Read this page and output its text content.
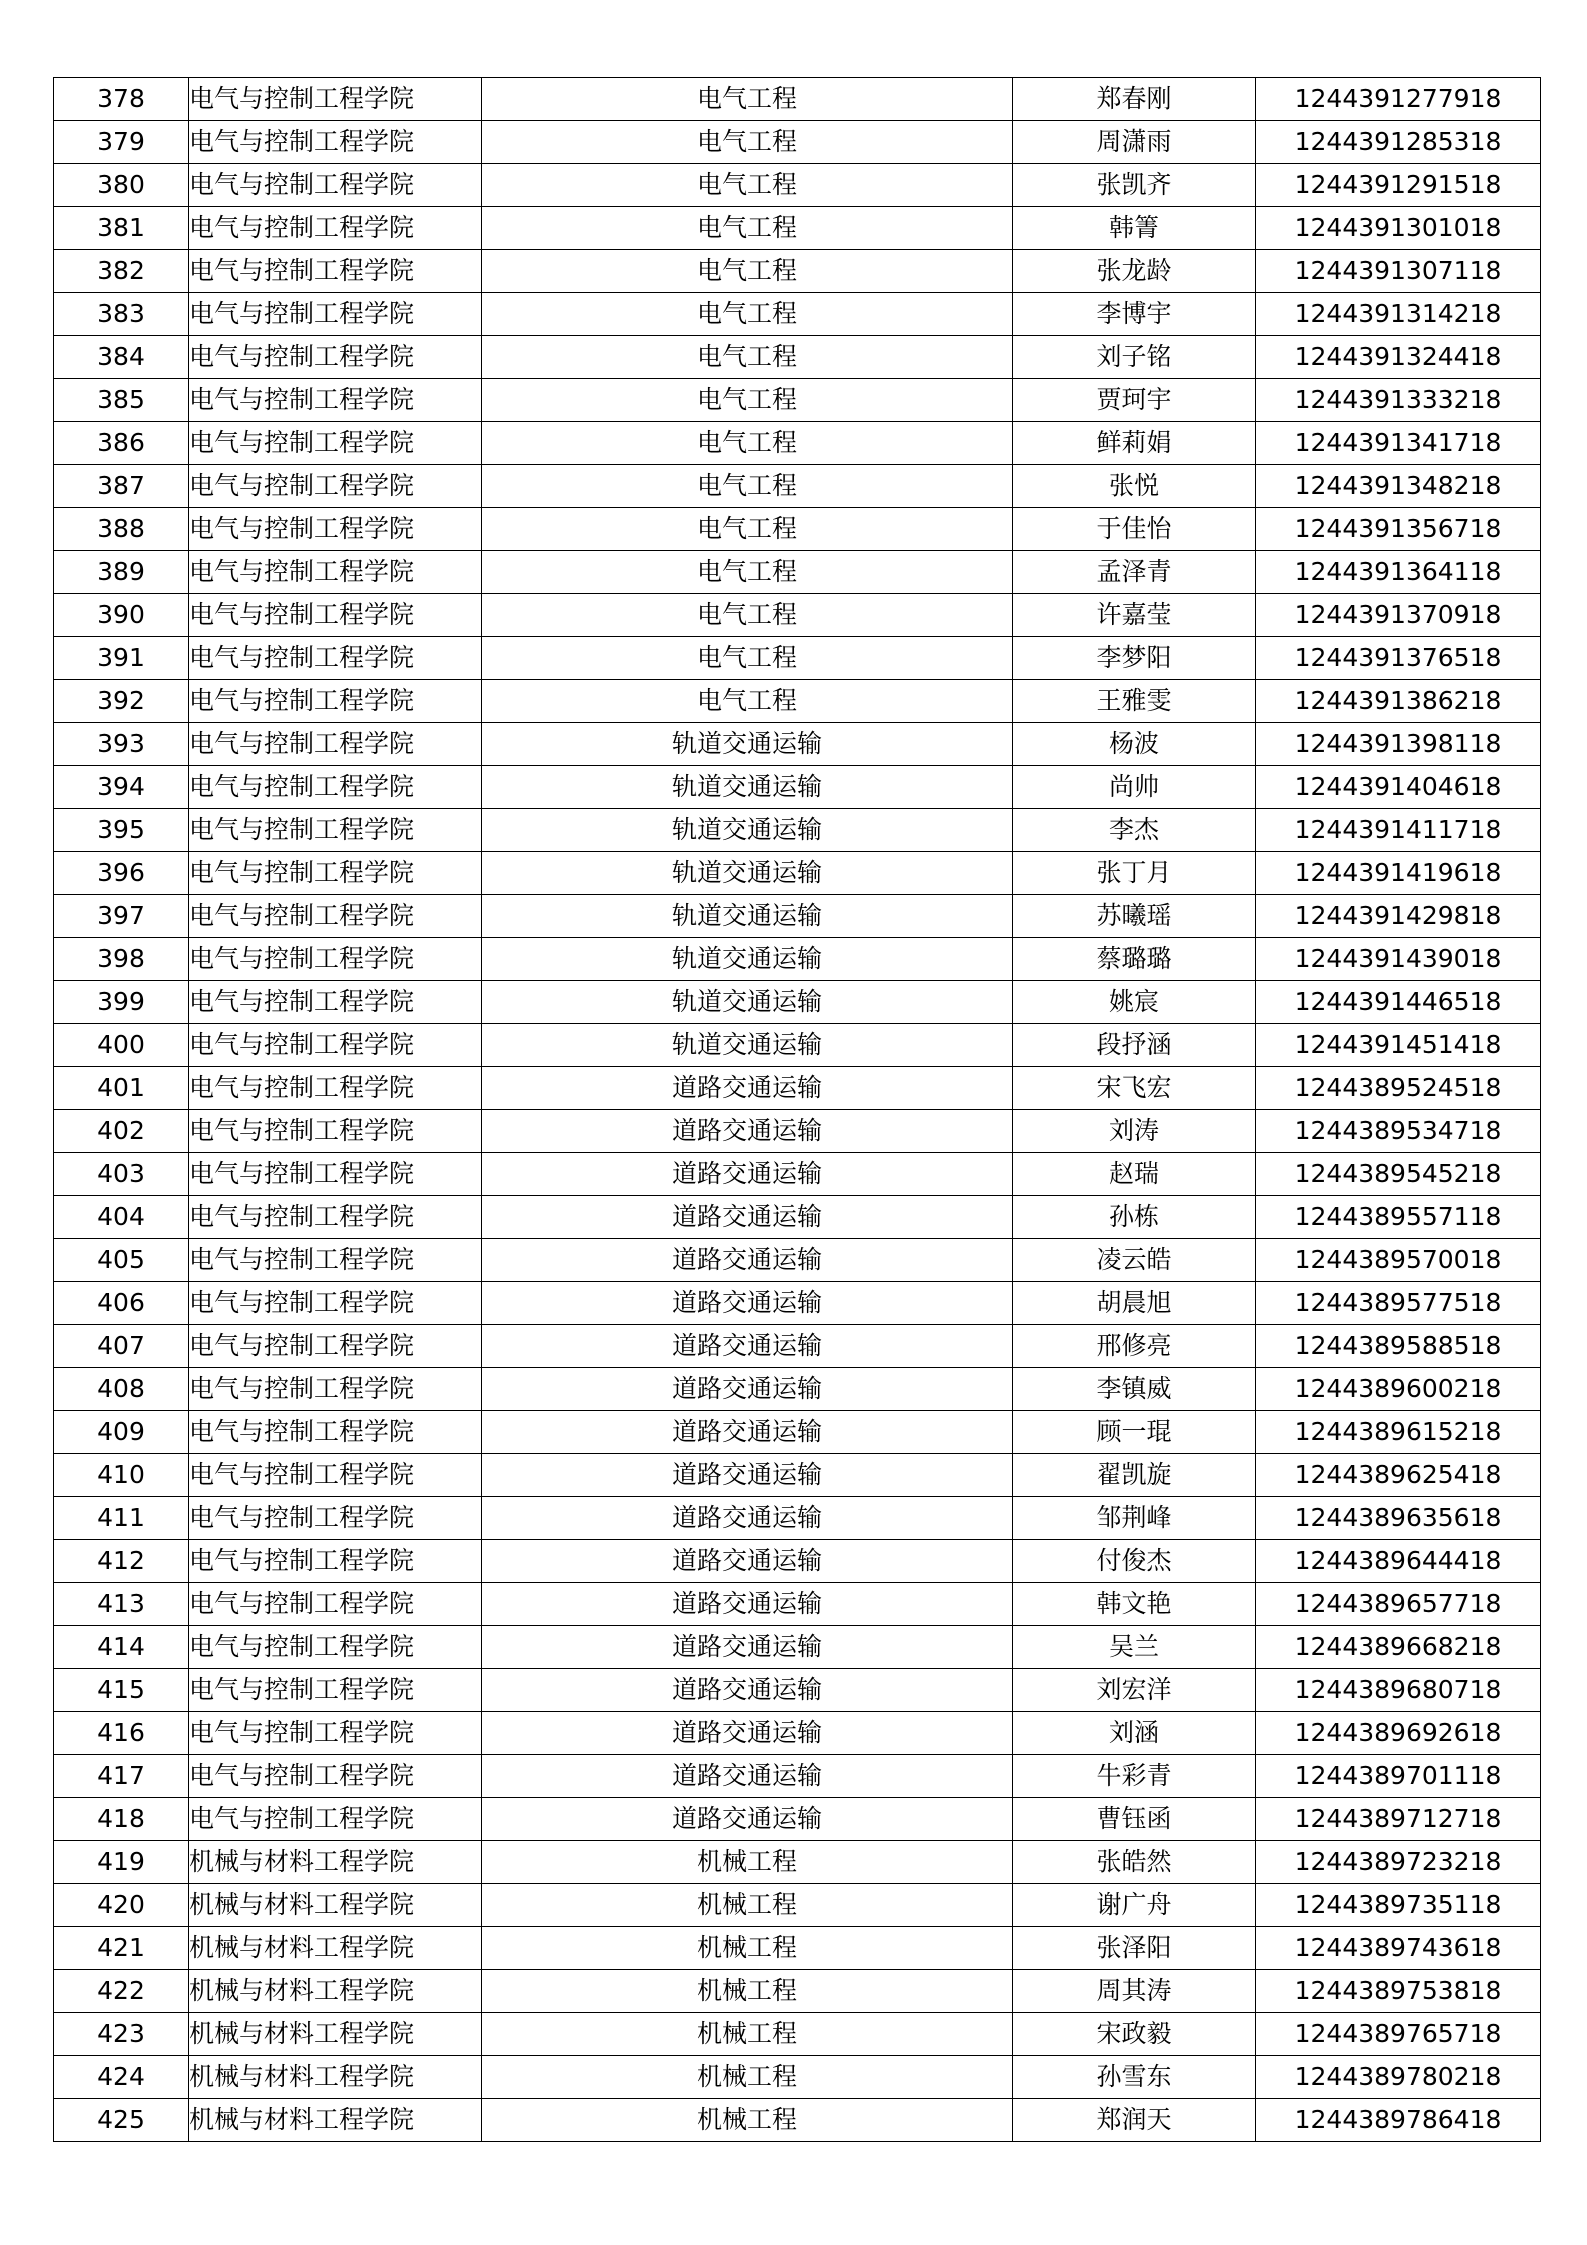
378	电气与控制工程学院	电气工程	郑春刚	1244391277918
379	电气与控制工程学院	电气工程	周潇雨	1244391285318
380	电气与控制工程学院	电气工程	张凯齐	1244391291518
381	电气与控制工程学院	电气工程	韩箐	1244391301018
382	电气与控制工程学院	电气工程	张龙龄	1244391307118
383	电气与控制工程学院	电气工程	李博宇	1244391314218
384	电气与控制工程学院	电气工程	刘子铭	1244391324418
385	电气与控制工程学院	电气工程	贾珂宇	1244391333218
386	电气与控制工程学院	电气工程	鲜莉娟	1244391341718
387	电气与控制工程学院	电气工程	张悦	1244391348218
388	电气与控制工程学院	电气工程	于佳怡	1244391356718
389	电气与控制工程学院	电气工程	孟泽青	1244391364118
390	电气与控制工程学院	电气工程	许嘉莹	1244391370918
391	电气与控制工程学院	电气工程	李梦阳	1244391376518
392	电气与控制工程学院	电气工程	王雅雯	1244391386218
393	电气与控制工程学院	轨道交通运输	杨波	1244391398118
394	电气与控制工程学院	轨道交通运输	尚帅	1244391404618
395	电气与控制工程学院	轨道交通运输	李杰	1244391411718
396	电气与控制工程学院	轨道交通运输	张丁月	1244391419618
397	电气与控制工程学院	轨道交通运输	苏曦瑶	1244391429818
398	电气与控制工程学院	轨道交通运输	蔡璐璐	1244391439018
399	电气与控制工程学院	轨道交通运输	姚宸	1244391446518
400	电气与控制工程学院	轨道交通运输	段抒涵	1244391451418
401	电气与控制工程学院	道路交通运输	宋飞宏	1244389524518
402	电气与控制工程学院	道路交通运输	刘涛	1244389534718
403	电气与控制工程学院	道路交通运输	赵瑞	1244389545218
404	电气与控制工程学院	道路交通运输	孙栋	1244389557118
405	电气与控制工程学院	道路交通运输	凌云皓	1244389570018
406	电气与控制工程学院	道路交通运输	胡晨旭	1244389577518
407	电气与控制工程学院	道路交通运输	邢修亮	1244389588518
408	电气与控制工程学院	道路交通运输	李镇威	1244389600218
409	电气与控制工程学院	道路交通运输	顾一琨	1244389615218
410	电气与控制工程学院	道路交通运输	翟凯旋	1244389625418
411	电气与控制工程学院	道路交通运输	邹荆峰	1244389635618
412	电气与控制工程学院	道路交通运输	付俊杰	1244389644418
413	电气与控制工程学院	道路交通运输	韩文艳	1244389657718
414	电气与控制工程学院	道路交通运输	吴兰	1244389668218
415	电气与控制工程学院	道路交通运输	刘宏洋	1244389680718
416	电气与控制工程学院	道路交通运输	刘涵	1244389692618
417	电气与控制工程学院	道路交通运输	牛彩青	1244389701118
418	电气与控制工程学院	道路交通运输	曹钰函	1244389712718
419	机械与材料工程学院	机械工程	张皓然	1244389723218
420	机械与材料工程学院	机械工程	谢广舟	1244389735118
421	机械与材料工程学院	机械工程	张泽阳	1244389743618
422	机械与材料工程学院	机械工程	周其涛	1244389753818
423	机械与材料工程学院	机械工程	宋政毅	1244389765718
424	机械与材料工程学院	机械工程	孙雪东	1244389780218
425	机械与材料工程学院	机械工程	郑润天	1244389786418
